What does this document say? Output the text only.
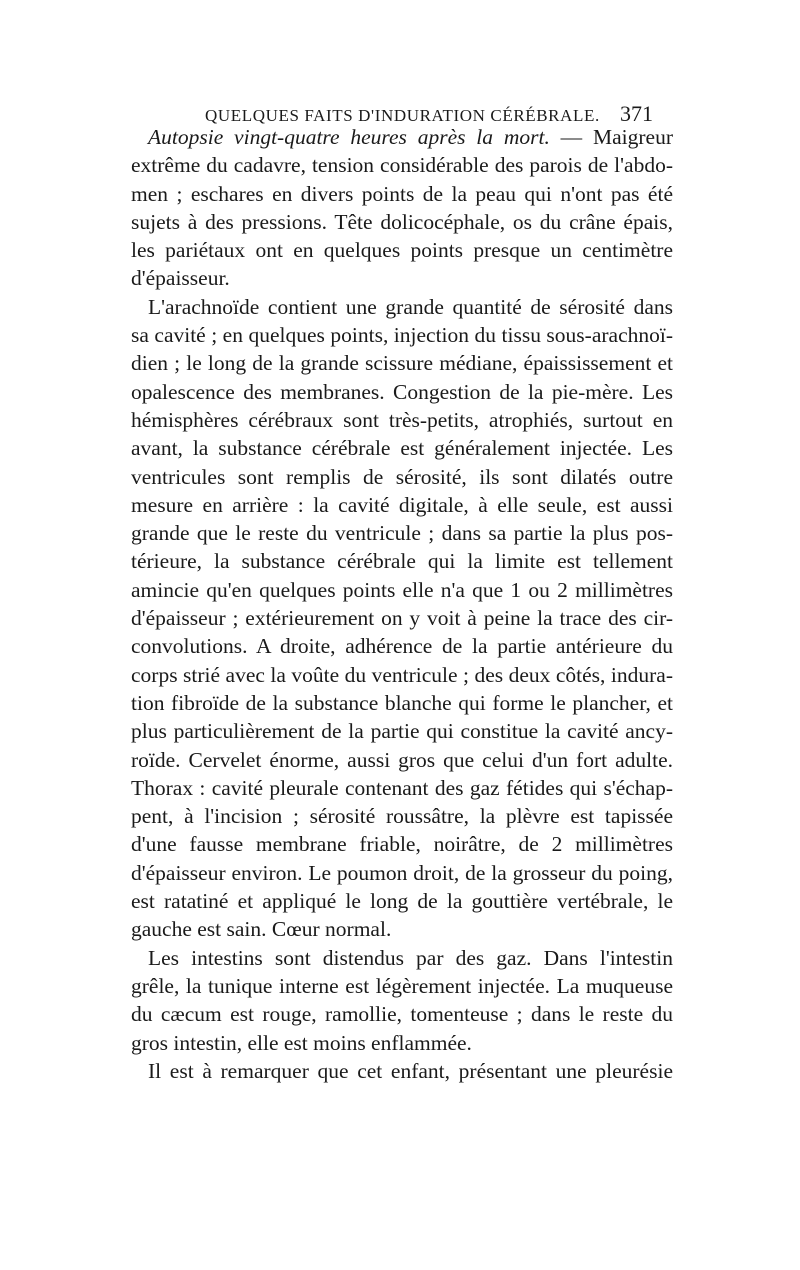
QUELQUES FAITS D'INDURATION CÉRÉBRALE. 371
Autopsie vingt-quatre heures après la mort. — Maigreur
extrême du cadavre, tension considérable des parois de l'abdo-
men ; eschares en divers points de la peau qui n'ont pas été
sujets à des pressions. Tête dolicocéphale, os du crâne épais,
les pariétaux ont en quelques points presque un centimètre
d'épaisseur.
L'arachnoïde contient une grande quantité de sérosité dans
sa cavité ; en quelques points, injection du tissu sous-arachnoï-
dien ; le long de la grande scissure médiane, épaississement et
opalescence des membranes. Congestion de la pie-mère. Les
hémisphères cérébraux sont très-petits, atrophiés, surtout en
avant, la substance cérébrale est généralement injectée. Les
ventricules sont remplis de sérosité, ils sont dilatés outre
mesure en arrière : la cavité digitale, à elle seule, est aussi
grande que le reste du ventricule ; dans sa partie la plus pos-
térieure, la substance cérébrale qui la limite est tellement
amincie qu'en quelques points elle n'a que 1 ou 2 millimètres
d'épaisseur ; extérieurement on y voit à peine la trace des cir-
convolutions. A droite, adhérence de la partie antérieure du
corps strié avec la voûte du ventricule ; des deux côtés, indura-
tion fibroïde de la substance blanche qui forme le plancher, et
plus particulièrement de la partie qui constitue la cavité ancy-
roïde. Cervelet énorme, aussi gros que celui d'un fort adulte.
Thorax : cavité pleurale contenant des gaz fétides qui s'échap-
pent, à l'incision ; sérosité roussâtre, la plèvre est tapissée
d'une fausse membrane friable, noirâtre, de 2 millimètres
d'épaisseur environ. Le poumon droit, de la grosseur du poing,
est ratatiné et appliqué le long de la gouttière vertébrale, le
gauche est sain. Cœur normal.
Les intestins sont distendus par des gaz. Dans l'intestin
grêle, la tunique interne est légèrement injectée. La muqueuse
du cæcum est rouge, ramollie, tomenteuse ; dans le reste du
gros intestin, elle est moins enflammée.
Il est à remarquer que cet enfant, présentant une pleurésie
